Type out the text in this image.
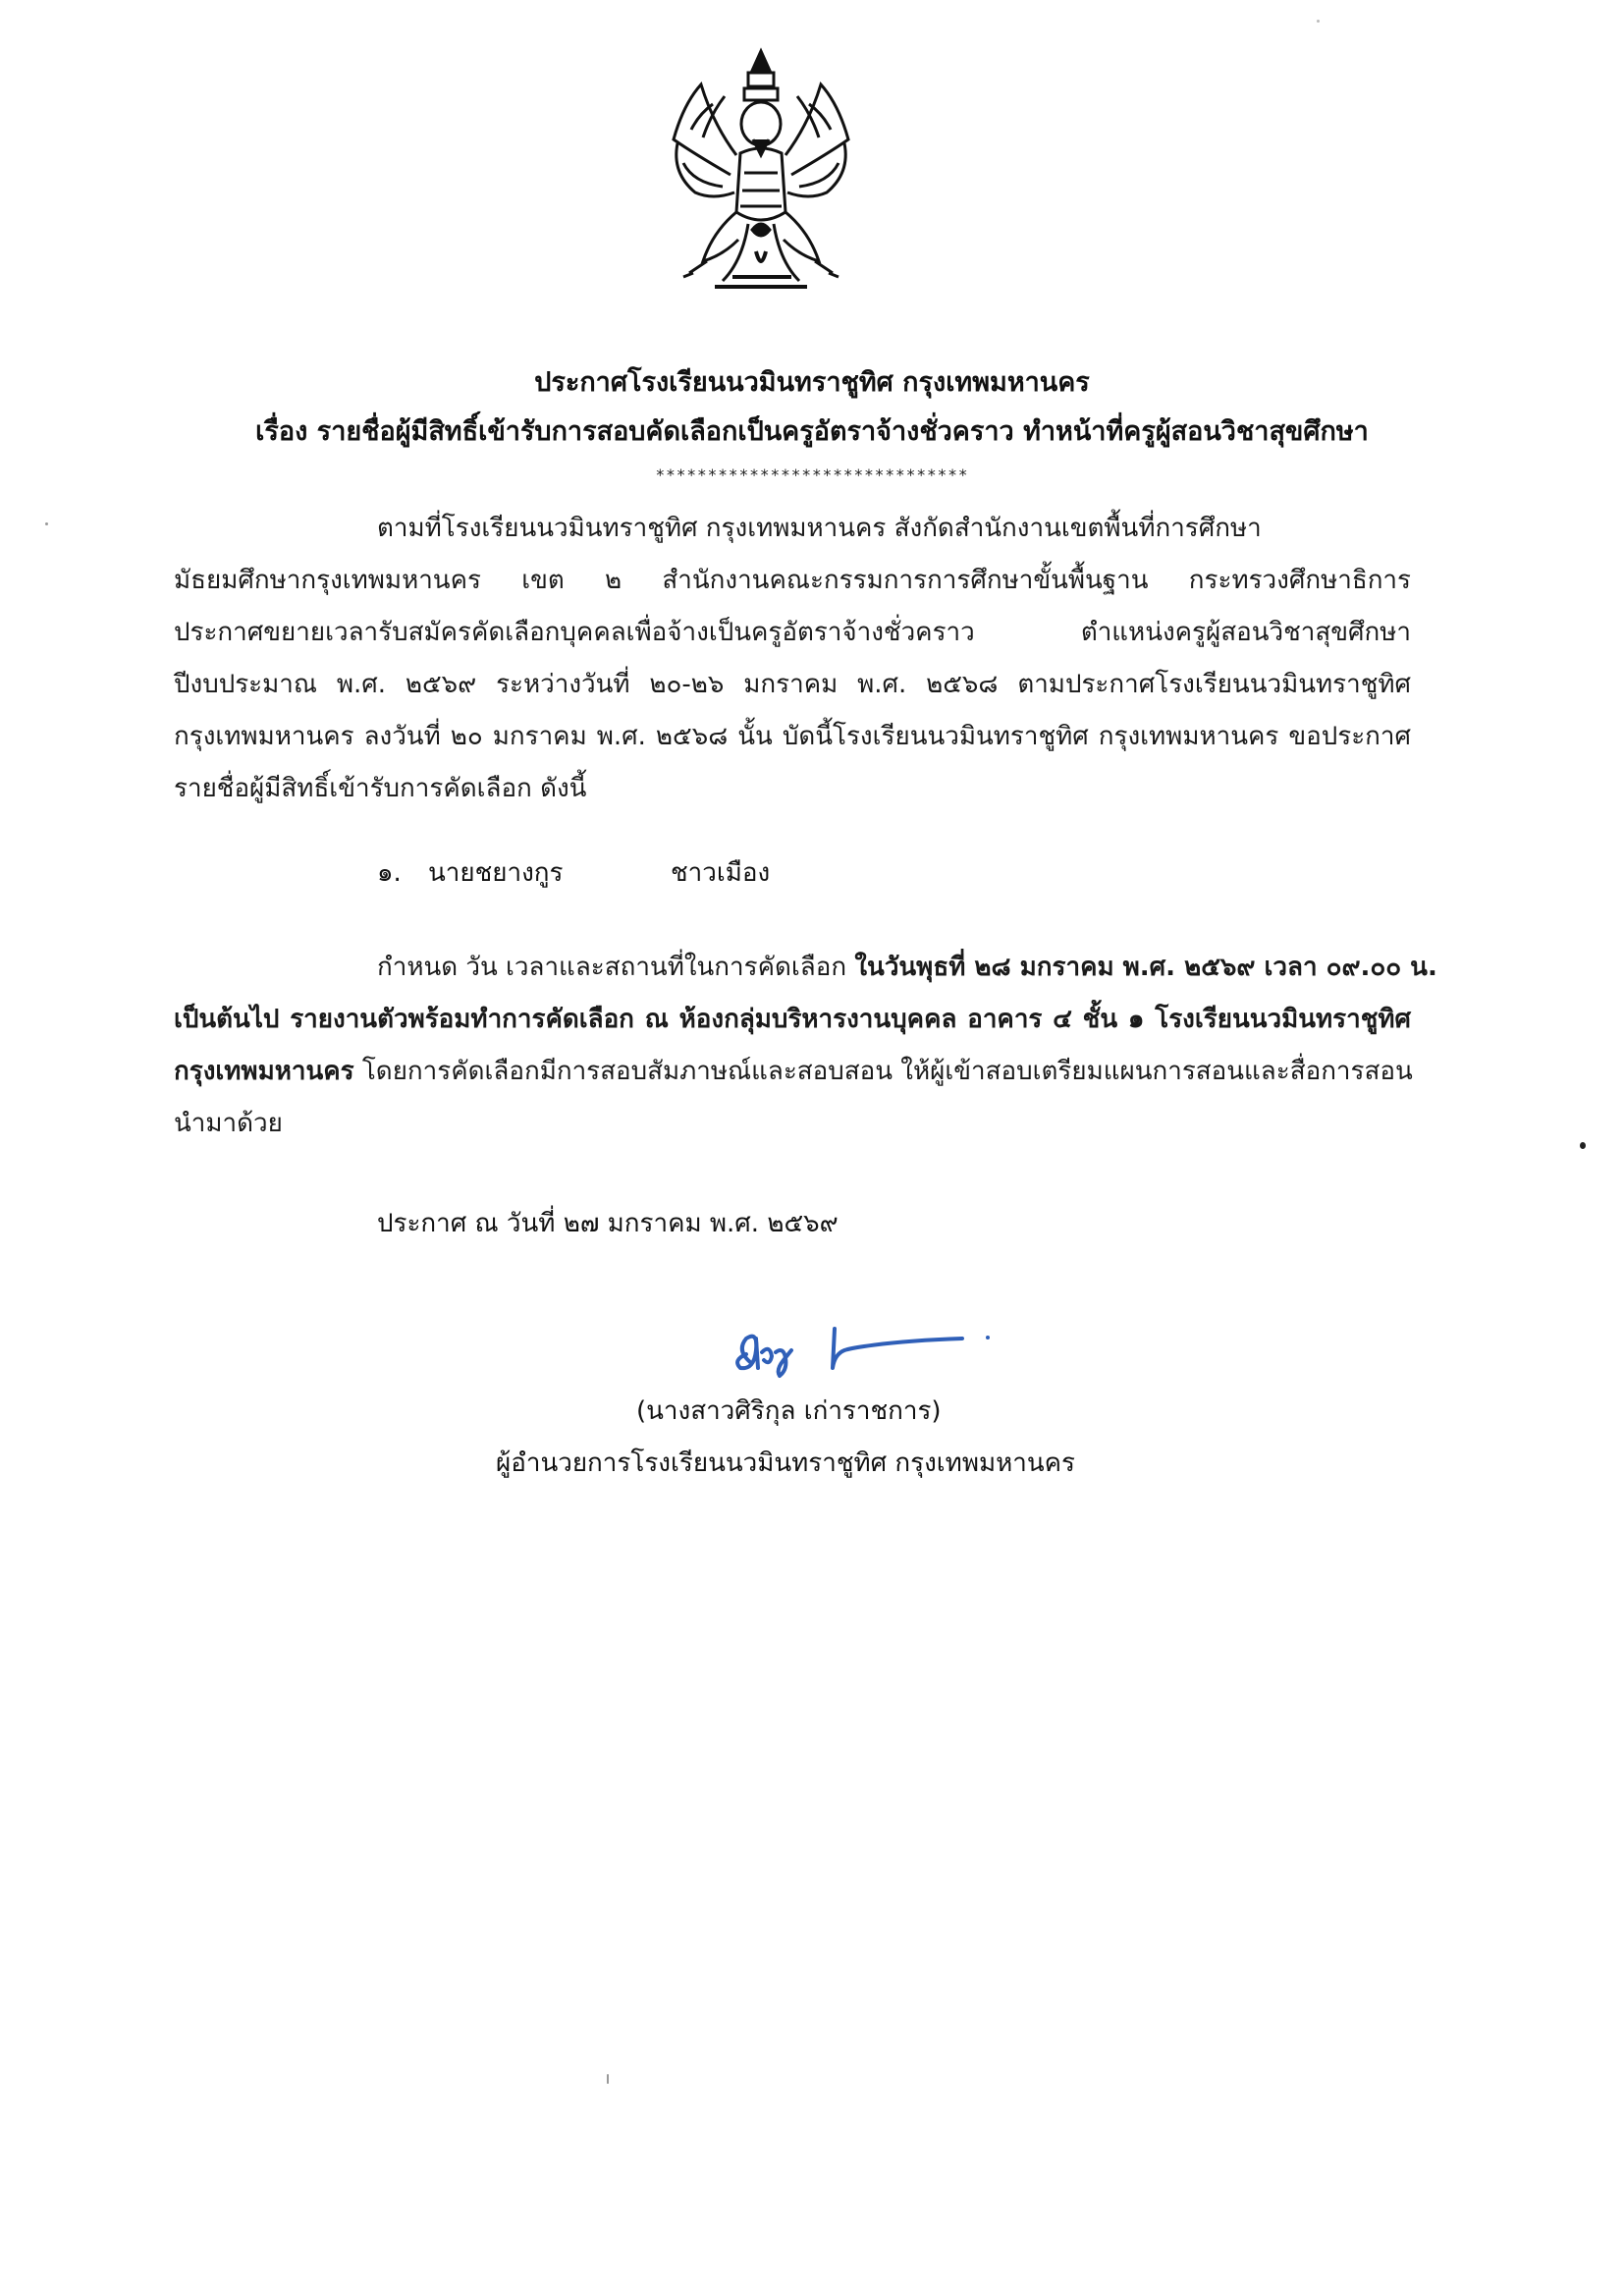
ประกาศโรงเรียนนวมินทราชูทิศ กรุงเทพมหานคร
เรื่อง รายชื่อผู้มีสิทธิ์เข้ารับการสอบคัดเลือกเป็นครูอัตราจ้างชั่วคราว ทำหน้าที่ครูผู้สอนวิชาสุขศึกษา
******************************
ตามที่โรงเรียนนวมินทราชูทิศ กรุงเทพมหานคร สังกัดสำนักงานเขตพื้นที่การศึกษา
มัธยมศึกษากรุงเทพมหานคร เขต ๒ สำนักงานคณะกรรมการการศึกษาขั้นพื้นฐาน กระทรวงศึกษาธิการ
ประกาศขยายเวลารับสมัครคัดเลือกบุคคลเพื่อจ้างเป็นครูอัตราจ้างชั่วคราว ตำแหน่งครูผู้สอนวิชาสุขศึกษา
ปีงบประมาณ พ.ศ. ๒๕๖๙ ระหว่างวันที่ ๒๐-๒๖ มกราคม พ.ศ. ๒๕๖๘ ตามประกาศโรงเรียนนวมินทราชูทิศ
กรุงเทพมหานคร ลงวันที่ ๒๐ มกราคม พ.ศ. ๒๕๖๘ นั้น บัดนี้โรงเรียนนวมินทราชูทิศ กรุงเทพมหานคร ขอประกาศ
รายชื่อผู้มีสิทธิ์เข้ารับการคัดเลือก ดังนี้
๑. นายชยางกูร	ชาวเมือง
กำหนด วัน เวลาและสถานที่ในการคัดเลือก ในวันพุธที่ ๒๘ มกราคม พ.ศ. ๒๕๖๙ เวลา ๐๙.๐๐ น.
เป็นต้นไป รายงานตัวพร้อมทำการคัดเลือก ณ ห้องกลุ่มบริหารงานบุคคล อาคาร ๔ ชั้น ๑ โรงเรียนนวมินทราชูทิศ
กรุงเทพมหานคร โดยการคัดเลือกมีการสอบสัมภาษณ์และสอบสอน ให้ผู้เข้าสอบเตรียมแผนการสอนและสื่อการสอน
นำมาด้วย
ประกาศ ณ วันที่ ๒๗ มกราคม พ.ศ. ๒๕๖๙
(นางสาวศิริกุล เก่าราชการ)
ผู้อำนวยการโรงเรียนนวมินทราชูทิศ กรุงเทพมหานคร
